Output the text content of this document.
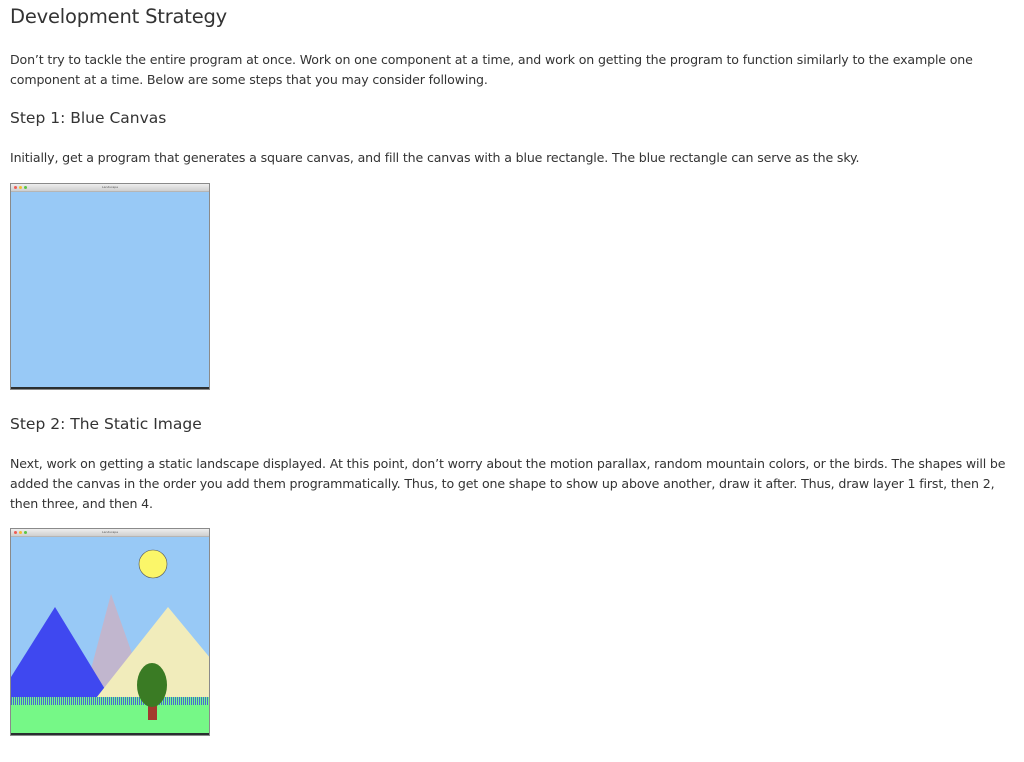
Development Strategy

Don’t try to tackle the entire program at once. Work on one component at a time, and work on getting the program to function similarly to the example one component at a time. Below are some steps that you may consider following.

Step 1: Blue Canvas

Initially, get a program that generates a square canvas, and fill the canvas with a blue rectangle. The blue rectangle can serve as the sky.

Landscape
Step 2: The Static Image

Next, work on getting a static landscape displayed. At this point, don’t worry about the motion parallax, random mountain colors, or the birds. The shapes will be added the canvas in the order you add them programmatically. Thus, to get one shape to show up above another, draw it after. Thus, draw layer 1 first, then 2, then three, and then 4.

Landscape
